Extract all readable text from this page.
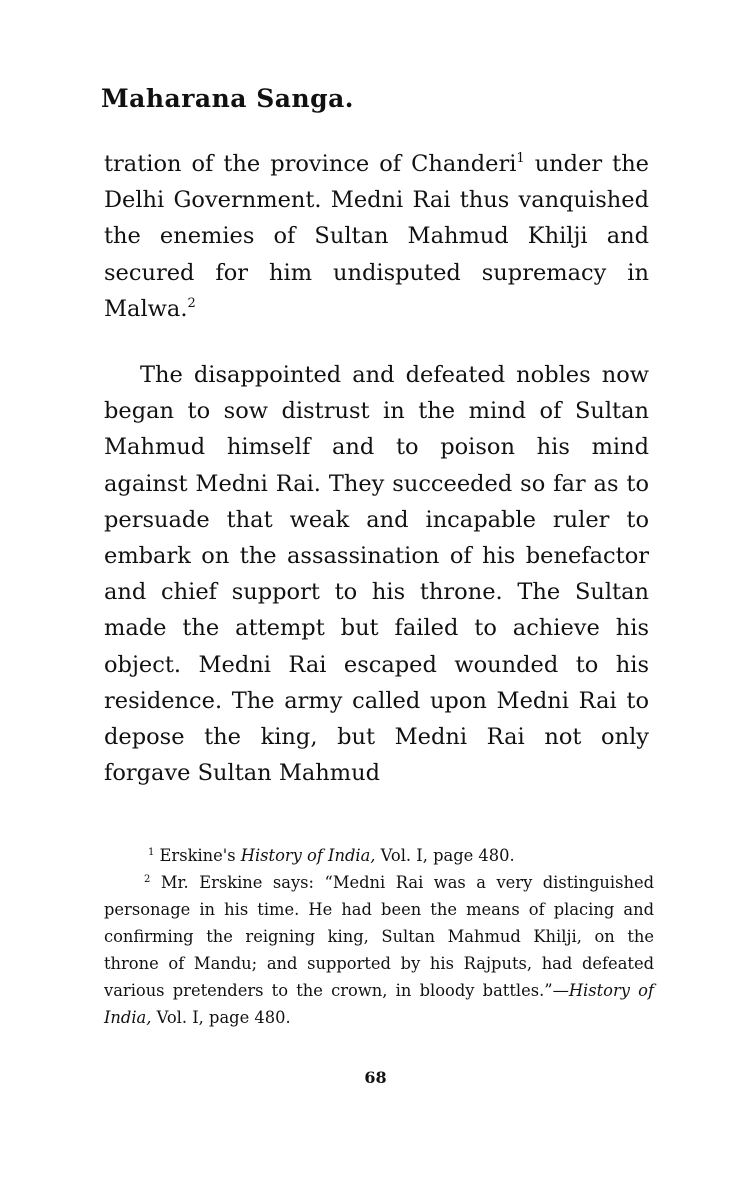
Maharana Sanga.
tration of the province of Chanderi$^1$ under the Delhi Government. Medni Rai thus vanquished the enemies of Sultan Mahmud Khilji and secured for him undisputed supremacy in Malwa.$^2$
The disappointed and defeated nobles now began to sow distrust in the mind of Sultan Mahmud himself and to poison his mind against Medni Rai. They succeeded so far as to persuade that weak and incapable ruler to embark on the assassination of his benefactor and chief support to his throne. The Sultan made the attempt but failed to achieve his object. Medni Rai escaped wounded to his residence. The army called upon Medni Rai to depose the king, but Medni Rai not only forgave Sultan Mahmud
$^1$ Erskine's History of India, Vol. I, page 480.
$^2$ Mr. Erskine says: “Medni Rai was a very distinguished personage in his time. He had been the means of placing and confirming the reigning king, Sultan Mahmud Khilji, on the throne of Mandu; and supported by his Rajputs, had defeated various pretenders to the crown, in bloody battles.”—History of India, Vol. I, page 480.
68
